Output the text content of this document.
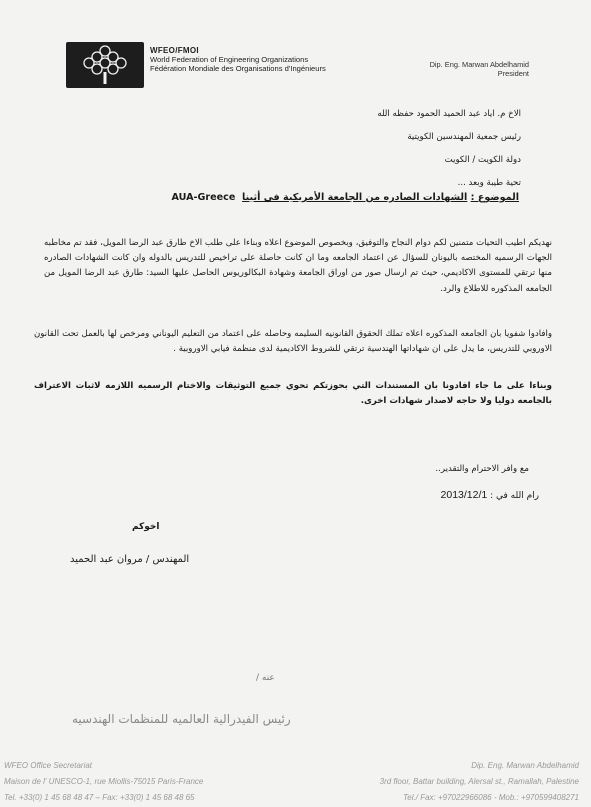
WFEO/FMOI
World Federation of Engineering Organizations
Fédération Mondiale des Organisations d'Ingénieurs	Dip. Eng. Marwan Abdelhamid
President
الاخ م. اياد عبد الحميد الحمود حفظه الله
رئيس جمعية المهندسين الكويتية
دولة الكويت / الكويت
تحية طيبة وبعد ...
الموضوع : الشهادات الصادره من الجامعة الأمريكية في أثينا  AUA-Greece
نهديكم اطيب التحيات متمنين لكم دوام النجاح والتوفيق، وبخصوص الموضوع اعلاه وبناءا على طلب الاخ طارق عبد الرضا المويل، فقد تم مخاطبه الجهات الرسميه المختصه باليونان للسؤال عن اعتماد الجامعه وما ان كانت حاصلة على تراخيص للتدريس بالدوله وان كانت الشهادات الصادره منها ترتقي للمستوى الاكاديمي، حيث تم ارسال صور من اوراق الجامعة وشهادة البكالوريوس الحاصل عليها السيد: طارق عبد الرضا المويل من الجامعه المذكوره للاطلاع والرد.
وافادوا شفويا بان الجامعه المذكوره اعلاه تملك الحقوق القانونيه السليمه وحاصله على اعتماد من التعليم اليوناني ومرخص لها بالعمل تحت القانون الاوروبي للتدريس، ما يدل على ان شهاداتها الهندسية ترتقي للشروط الاكاديمية لدى منظمة فيابي الاوروبية .
وبناءا على ما جاء افادونا بان المستندات التي بحوزتكم تحوي جميع التوثيقات والاختام الرسميه اللازمه لاثبات الاعتراف بالجامعه دوليا ولا حاجه لاصدار شهادات اخرى.
مع وافر الاحترام والتقدير..
رام الله في : 2013/12/1
اخوكم
المهندس / مروان عبد الحميد
عنه /
رئيس الفيدرالية العالميه للمنظمات الهندسيه
WFEO Office Secretariat
Maison de l' UNESCO-1, rue Miollis-75015 Paris-France
Tel. +33(0) 1 45 68 48 47 – Fax: +33(0) 1 45 68 48 65
Dip. Eng. Marwan Abdelhamid
3rd floor, Battar building, Alersal st., Ramallah, Palestine
Tel./ Fax: +97022966086 - Mob.: +970599408271
